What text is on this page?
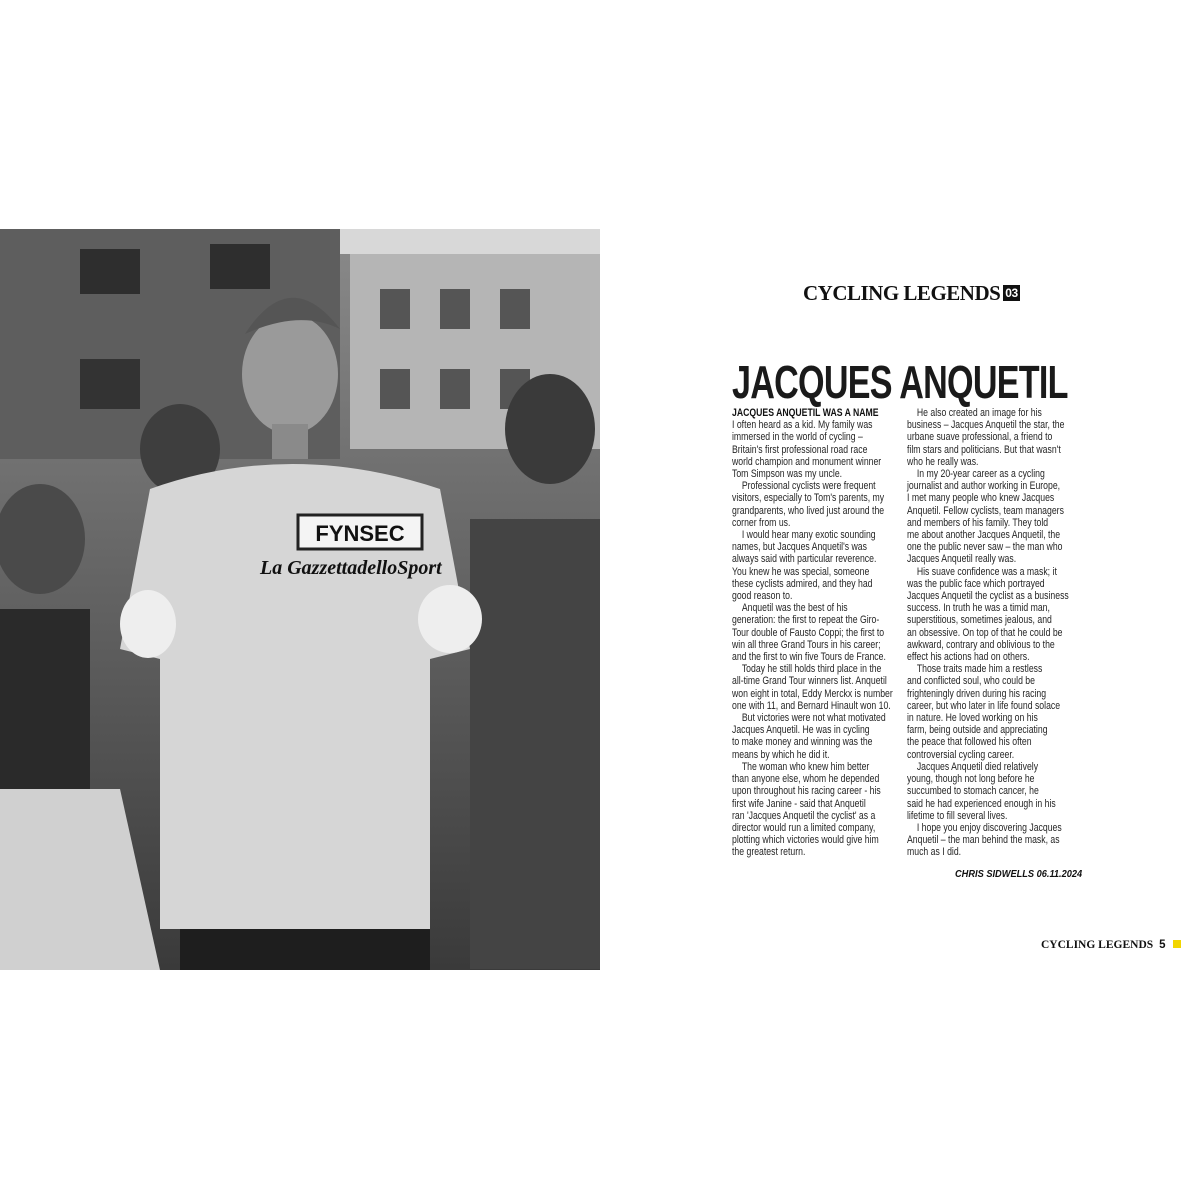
FYNSEC
La GazzettadelloSport
CYCLING LEGENDS 03
JACQUES ANQUETIL
JACQUES ANQUETIL WAS A NAME
I often heard as a kid. My family was
immersed in the world of cycling –
Britain's first professional road race
world champion and monument winner
Tom Simpson was my uncle.
Professional cyclists were frequent
visitors, especially to Tom's parents, my
grandparents, who lived just around the
corner from us.
I would hear many exotic sounding
names, but Jacques Anquetil's was
always said with particular reverence.
You knew he was special, someone
these cyclists admired, and they had
good reason to.
Anquetil was the best of his
generation: the first to repeat the Giro-
Tour double of Fausto Coppi; the first to
win all three Grand Tours in his career;
and the first to win five Tours de France.
Today he still holds third place in the
all-time Grand Tour winners list. Anquetil
won eight in total, Eddy Merckx is number
one with 11, and Bernard Hinault won 10.
But victories were not what motivated
Jacques Anquetil. He was in cycling
to make money and winning was the
means by which he did it.
The woman who knew him better
than anyone else, whom he depended
upon throughout his racing career - his
first wife Janine - said that Anquetil
ran 'Jacques Anquetil the cyclist' as a
director would run a limited company,
plotting which victories would give him
the greatest return.
He also created an image for his
business – Jacques Anquetil the star, the
urbane suave professional, a friend to
film stars and politicians. But that wasn't
who he really was.
In my 20-year career as a cycling
journalist and author working in Europe,
I met many people who knew Jacques
Anquetil. Fellow cyclists, team managers
and members of his family. They told
me about another Jacques Anquetil, the
one the public never saw – the man who
Jacques Anquetil really was.
His suave confidence was a mask; it
was the public face which portrayed
Jacques Anquetil the cyclist as a business
success. In truth he was a timid man,
superstitious, sometimes jealous, and
an obsessive. On top of that he could be
awkward, contrary and oblivious to the
effect his actions had on others.
Those traits made him a restless
and conflicted soul, who could be
frighteningly driven during his racing
career, but who later in life found solace
in nature. He loved working on his
farm, being outside and appreciating
the peace that followed his often
controversial cycling career.
Jacques Anquetil died relatively
young, though not long before he
succumbed to stomach cancer, he
said he had experienced enough in his
lifetime to fill several lives.
I hope you enjoy discovering Jacques
Anquetil – the man behind the mask, as
much as I did.
CHRIS SIDWELLS 06.11.2024
CYCLING LEGENDS 5
